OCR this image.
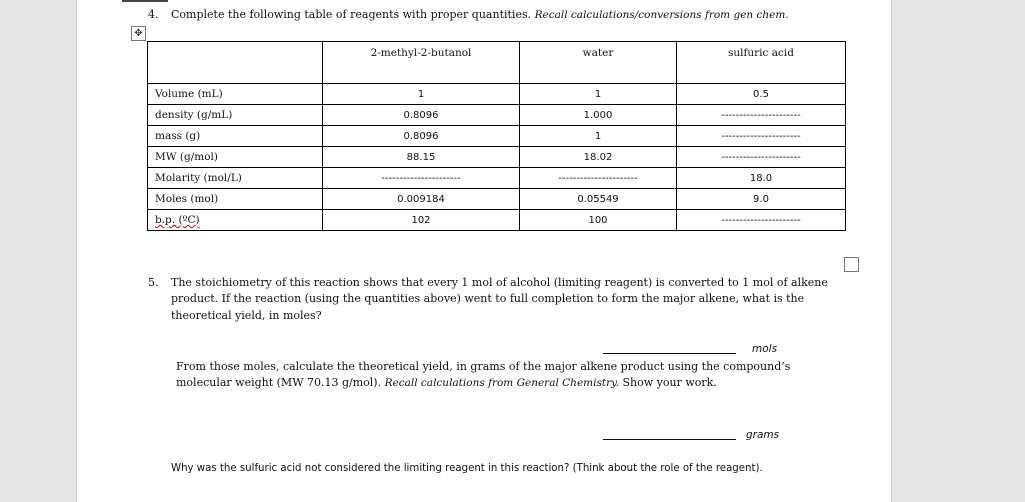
4. Complete the following table of reagents with proper quantities. Recall calculations/conversions from gen chem.
✥
	2-methyl-2-butanol	water	sulfuric acid
Volume (mL)	1	1	0.5
density (g/mL)	0.8096	1.000	----------------------
mass (g)	0.8096	1	----------------------
MW (g/mol)	88.15	18.02	----------------------
Molarity (mol/L)	----------------------	----------------------	18.0
Moles (mol)	0.009184	0.05549	9.0
b.p. (ºC)	102	100	----------------------
5. The stoichiometry of this reaction shows that every 1 mol of alcohol (limiting reagent) is converted to 1 mol of alkene
product. If the reaction (using the quantities above) went to full completion to form the major alkene, what is the
theoretical yield, in moles?
mols
From those moles, calculate the theoretical yield, in grams of the major alkene product using the compound’s
molecular weight (MW 70.13 g/mol). Recall calculations from General Chemistry. Show your work.
grams
Why was the sulfuric acid not considered the limiting reagent in this reaction? (Think about the role of the reagent).
